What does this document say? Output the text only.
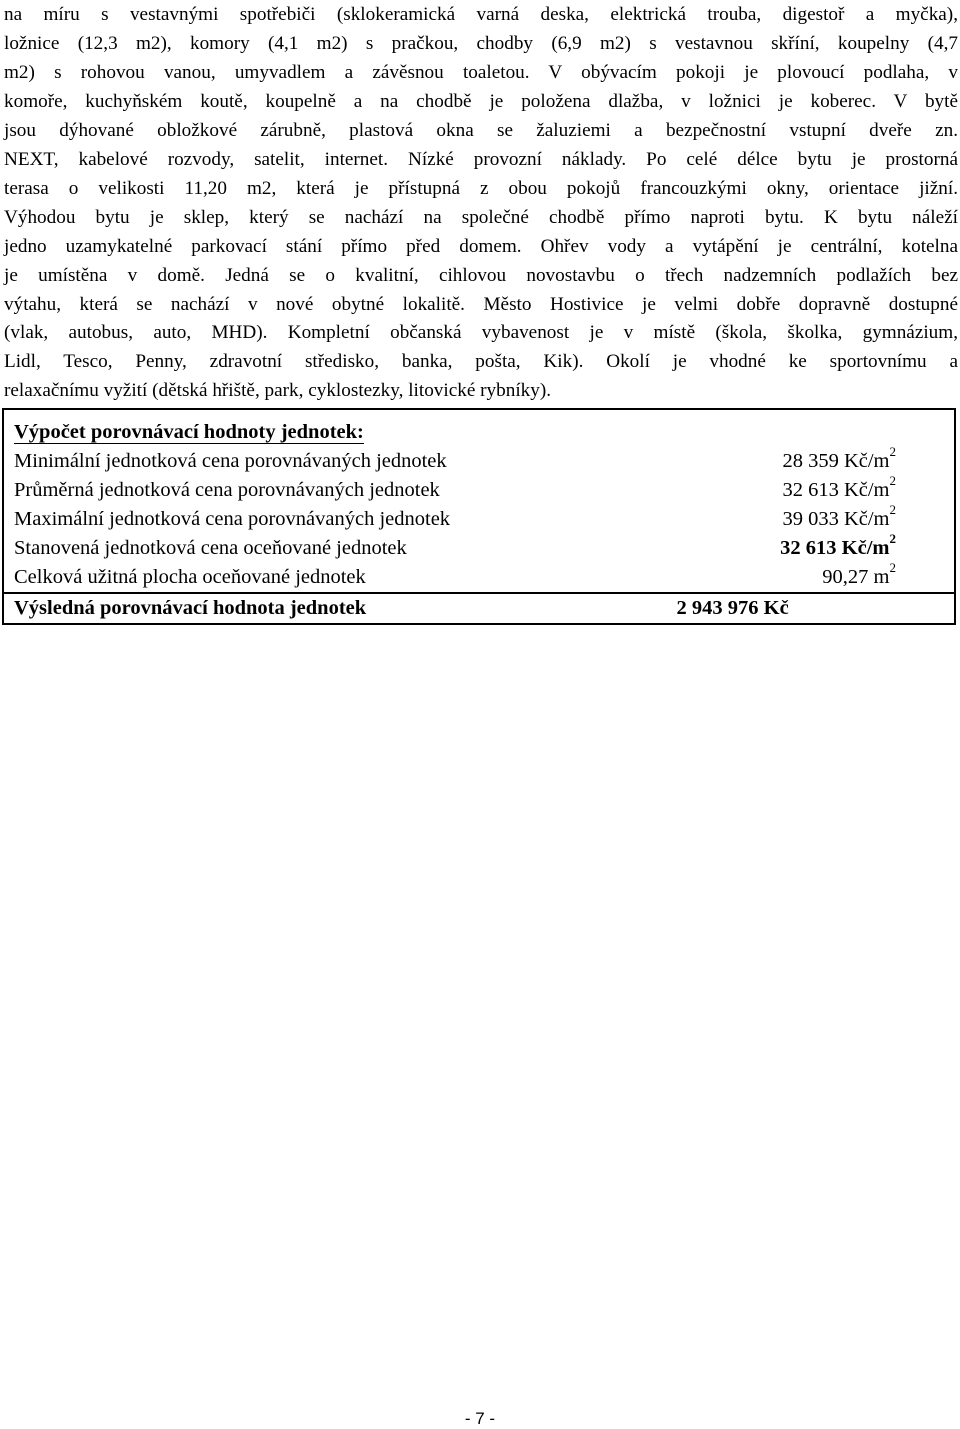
na míru s vestavnými spotřebiči (sklokeramická varná deska, elektrická trouba, digestoř a myčka),
ložnice (12,3 m2), komory (4,1 m2) s pračkou, chodby (6,9 m2) s vestavnou skříní, koupelny (4,7
m2) s rohovou vanou, umyvadlem a závěsnou toaletou. V obývacím pokoji je plovoucí podlaha, v
komoře, kuchyňském koutě, koupelně a na chodbě je položena dlažba, v ložnici je koberec. V bytě
jsou dýhované obložkové zárubně, plastová okna se žaluziemi a bezpečnostní vstupní dveře zn.
NEXT, kabelové rozvody, satelit, internet. Nízké provozní náklady. Po celé délce bytu je prostorná
terasa o velikosti 11,20 m2, která je přístupná z obou pokojů francouzkými okny, orientace jižní.
Výhodou bytu je sklep, který se nachází na společné chodbě přímo naproti bytu. K bytu náleží
jedno uzamykatelné parkovací stání přímo před domem. Ohřev vody a vytápění je centrální, kotelna
je umístěna v domě. Jedná se o kvalitní, cihlovou novostavbu o třech nadzemních podlažích bez
výtahu, která se nachází v nové obytné lokalitě. Město Hostivice je velmi dobře dopravně dostupné
(vlak, autobus, auto, MHD). Kompletní občanská vybavenost je v místě (škola, školka, gymnázium,
Lidl, Tesco, Penny, zdravotní středisko, banka, pošta, Kik). Okolí je vhodné ke sportovnímu a
relaxačnímu vyžití (dětská hřiště, park, cyklostezky, litovické rybníky).
Výpočet porovnávací hodnoty jednotek:	
Minimální jednotková cena porovnávaných jednotek	28 359 $Kč/m^2$
Průměrná jednotková cena porovnávaných jednotek	32 613 $Kč/m^2$
Maximální jednotková cena porovnávaných jednotek	39 033 $Kč/m^2$
Stanovená jednotková cena oceňované jednotek	32 613 $Kč/m^2$
Celková užitná plocha oceňované jednotek	90,27 $m^2$
Výsledná porovnávací hodnota jednotek	2 943 976 Kč
- 7 -
